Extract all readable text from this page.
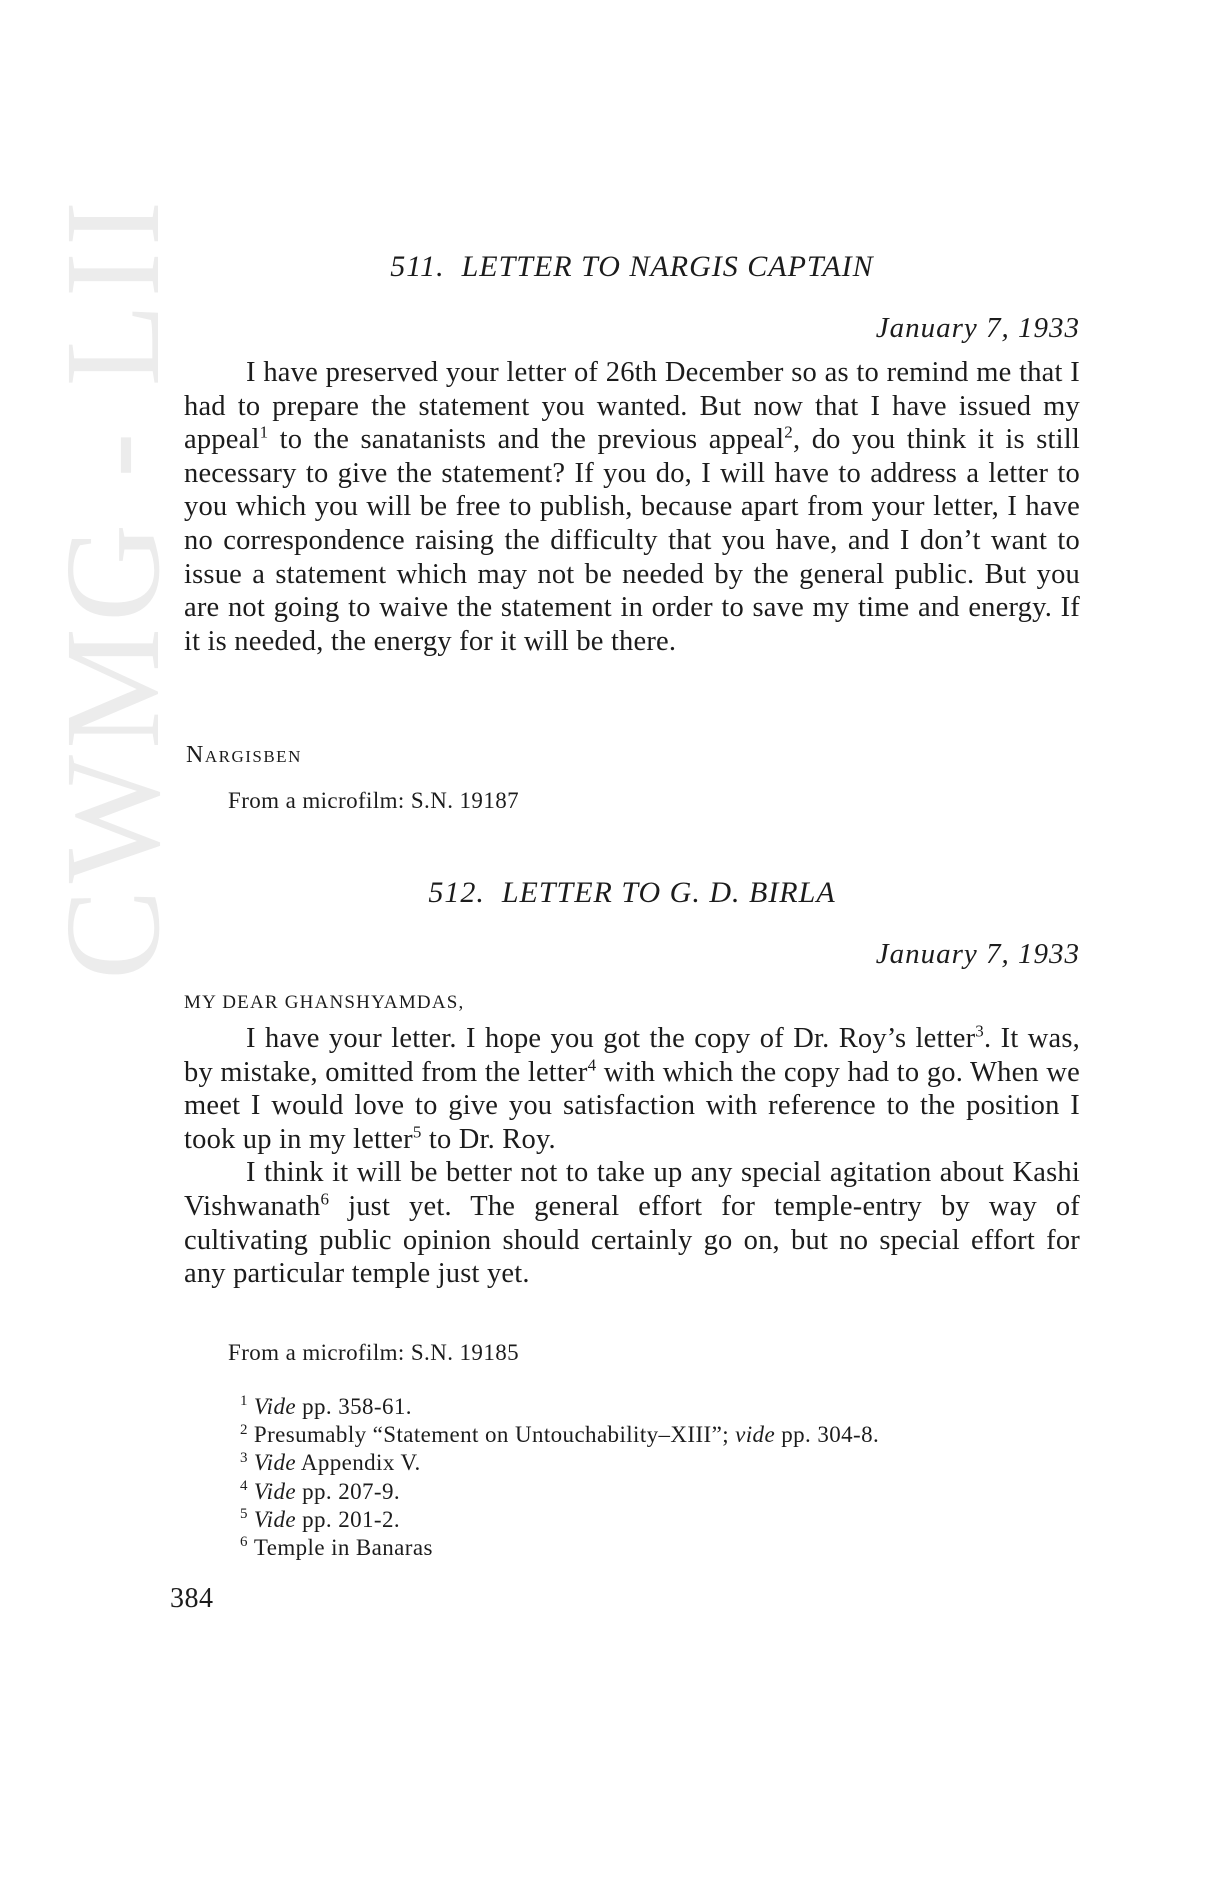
CWMG - LII	511. LETTER TO NARGIS CAPTAIN
January 7, 1933

I have preserved your letter of 26th December so as to remind me that I had to prepare the statement you wanted. But now that I have issued my appeal$^1$ to the sanatanists and the previous appeal$^2$, do you think it is still necessary to give the statement? If you do, I will have to address a letter to you which you will be free to publish, because apart from your letter, I have no correspondence raising the difficulty that you have, and I don’t want to issue a statement which may not be needed by the general public. But you are not going to waive the statement in order to save my time and energy. If it is needed, the energy for it will be there.

Nargisben
From a microfilm: S.N. 19187
512. LETTER TO G. D. BIRLA
January 7, 1933
MY DEAR GHANSHYAMDAS,

I have your letter. I hope you got the copy of Dr. Roy’s letter$^3$. It was, by mistake, omitted from the letter$^4$ with which the copy had to go. When we meet I would love to give you satisfaction with reference to the position I took up in my letter$^5$ to Dr. Roy.

I think it will be better not to take up any special agitation about Kashi Vishwanath$^6$ just yet. The general effort for temple-entry by way of cultivating public opinion should certainly go on, but no special effort for any particular temple just yet.

From a microfilm: S.N. 19185
$^1$ Vide pp. 358-61.
$^2$ Presumably “Statement on Untouchability–XIII”; vide pp. 304-8.
$^3$ Vide Appendix V.
$^4$ Vide pp. 207-9.
$^5$ Vide pp. 201-2.
$^6$ Temple in Banaras
384
